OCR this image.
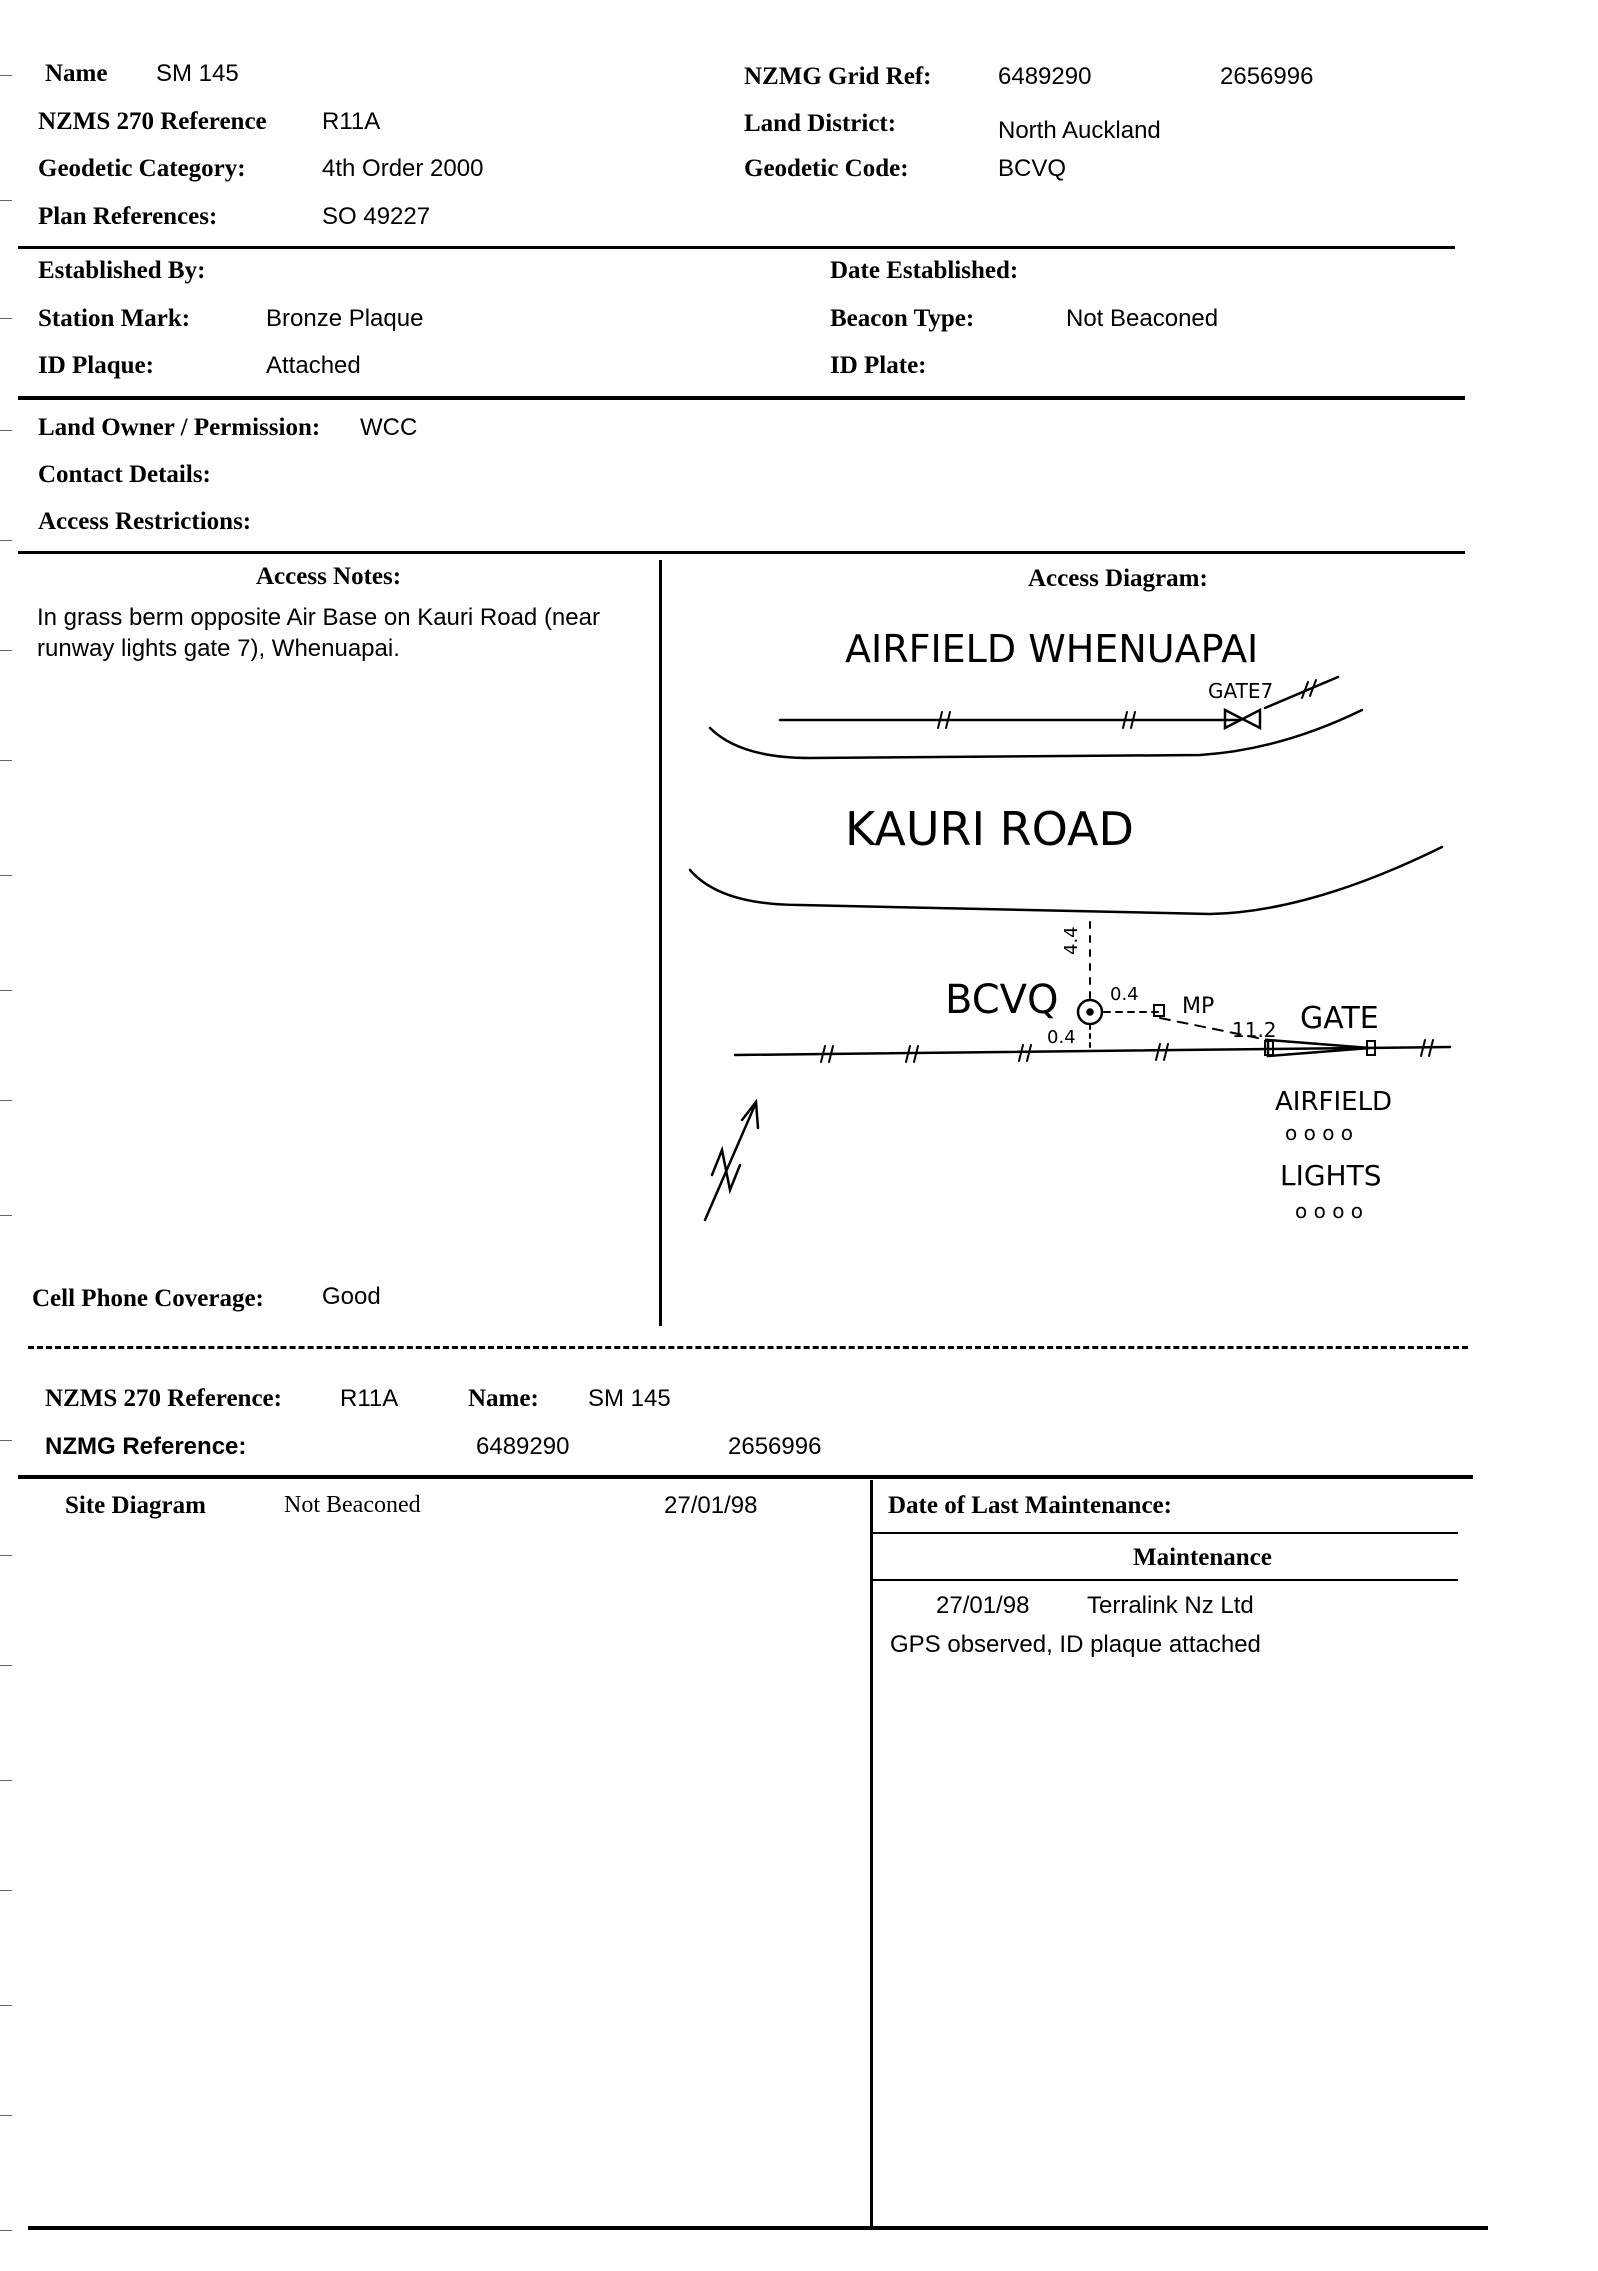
Name SM 145
NZMS 270 Reference R11A
Geodetic Category:	4th Order 2000
Plan References:	SO 49227
NZMG Grid Ref:	6489290	2656996
Land District:	North Auckland
Geodetic Code:	BCVQ
Established By:
Station Mark:	Bronze Plaque
ID Plaque:	Attached
Date Established:
Beacon Type:	Not Beaconed
ID Plate:
Land Owner / Permission: WCC
Contact Details:
Access Restrictions:
Access Notes:
In grass berm opposite Air Base on Kauri Road (near runway lights gate 7), Whenuapai.
Cell Phone Coverage: Good
Access Diagram:
AIRFIELD WHENUAPAI
GATE7
KAURI ROAD
BCVQ
4.4
0.4
0.4
MP
11.2 GATE
AIRFIELD
o o o o
LIGHTS
o o o o
N
NZMS 270 Reference: R11A	Name: SM 145
NZMG Reference:	6489290	2656996
Site Diagram	Not Beaconed	27/01/98	Date of Last Maintenance:
Maintenance
27/01/98 Terralink Nz Ltd
GPS observed, ID plaque attached
